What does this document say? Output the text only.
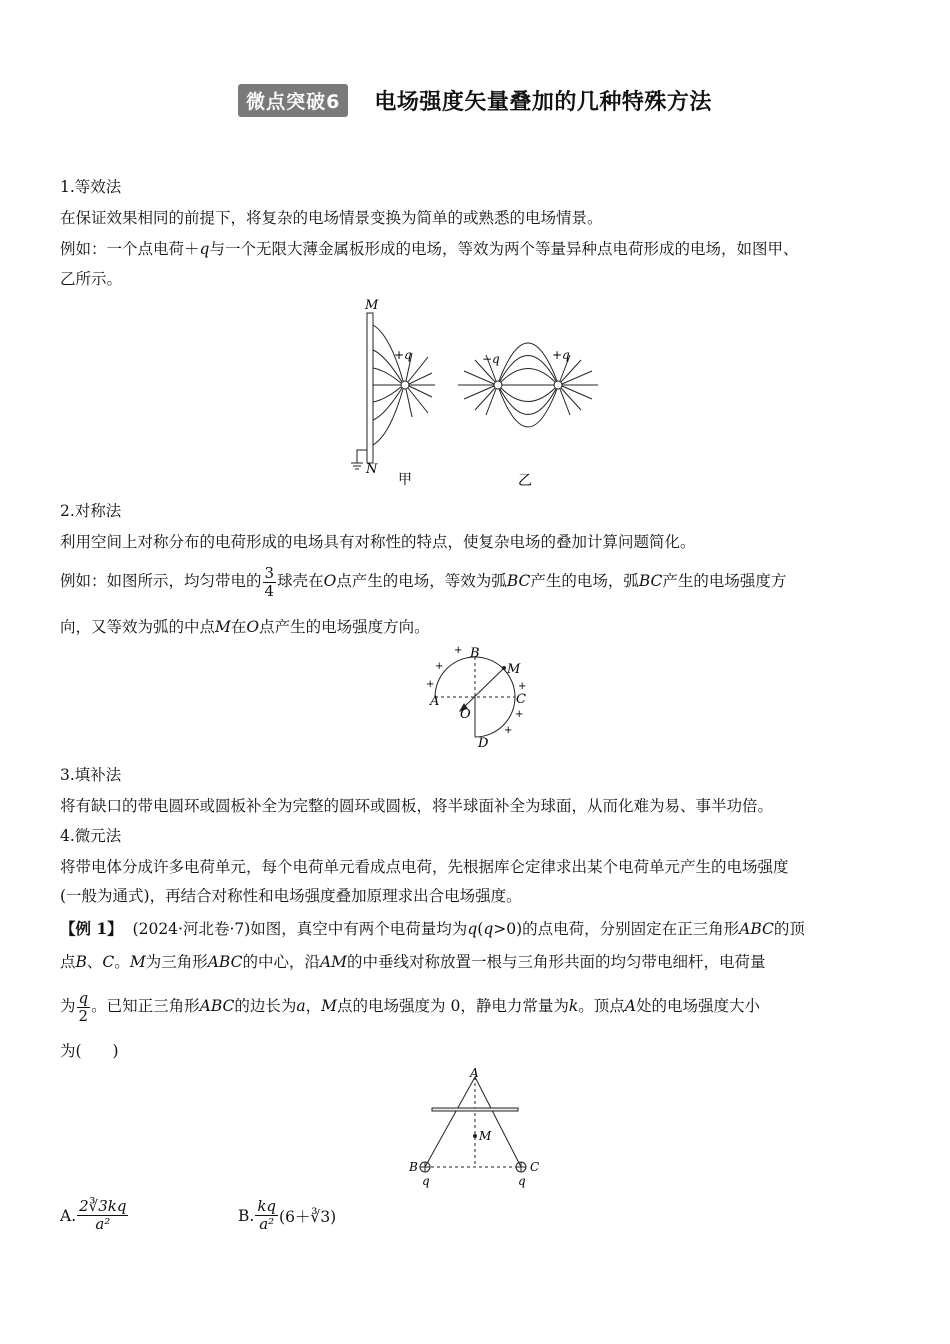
微点突破6	电场强度矢量叠加的几种特殊方法
1.等效法
在保证效果相同的前提下，将复杂的电场情景变换为简单的或熟悉的电场情景。
例如：一个点电荷＋q与一个无限大薄金属板形成的电场，等效为两个等量异种点电荷形成的电场，如图甲、
乙所示。
M
N
+q	−q	+q
甲	乙
2.对称法
利用空间上对称分布的电荷形成的电场具有对称性的特点，使复杂电场的叠加计算问题简化。
例如：如图所示，均匀带电的 $\frac{3}{4}$ 球壳在O点产生的电场，等效为弧BC产生的电场，弧BC产生的电场强度方
向，又等效为弧的中点M在O点产生的电场强度方向。
A
B
C
D
O
M
+
+
+
+
+
+
3.填补法
将有缺口的带电圆环或圆板补全为完整的圆环或圆板，将半球面补全为球面，从而化难为易、事半功倍。
4.微元法
将带电体分成许多电荷单元，每个电荷单元看成点电荷，先根据库仑定律求出某个电荷单元产生的电场强度
(一般为通式)，再结合对称性和电场强度叠加原理求出合电场强度。
【例 1】 (2024·河北卷·7)如图，真空中有两个电荷量均为q(q>0)的点电荷，分别固定在正三角形ABC的顶
点B、C。M为三角形ABC的中心，沿AM的中垂线对称放置一根与三角形共面的均匀带电细杆，电荷量
为 $\frac{q}{2}$ 。已知正三角形ABC的边长为a，M点的电场强度为 0，静电力常量为k。顶点A处的电场强度大小
为(　　)
A
M
B	C
q	q
A. $\frac{2∛3kq}{\text{a²}}$	B. $\frac{kq}{\text{a²}}$ (6＋∛3)
